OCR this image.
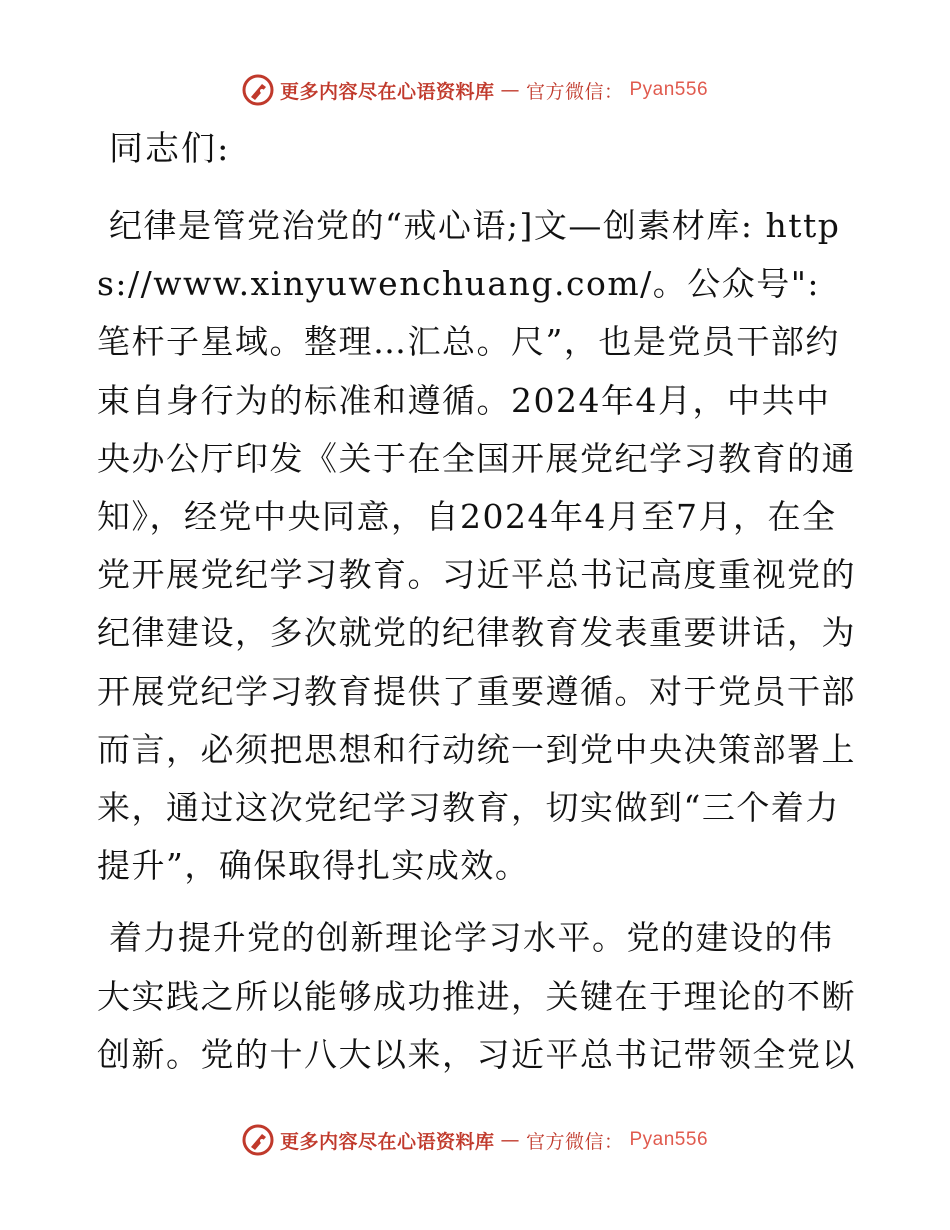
更多内容尽在心语资料库 — 官方微信： Pyan556

同志们:

纪律是管党治党的“戒心语;]文—创素材库: https://www.xinyuwenchuang.com/。公众号": 笔杆子星域。整理…汇总。尺”，也是党员干部约束自身行为的标准和遵循。2024年4月，中共中央办公厅印发《关于在全国开展党纪学习教育的通知》，经党中央同意，自2024年4月至7月，在全党开展党纪学习教育。习近平总书记高度重视党的纪律建设，多次就党的纪律教育发表重要讲话，为开展党纪学习教育提供了重要遵循。对于党员干部而言，必须把思想和行动统一到党中央决策部署上来，通过这次党纪学习教育，切实做到“三个着力提升”，确保取得扎实成效。

着力提升党的创新理论学习水平。党的建设的伟大实践之所以能够成功推进，关键在于理论的不断创新。党的十八大以来，习近平总书记带领全党以

更多内容尽在心语资料库 — 官方微信： Pyan556
